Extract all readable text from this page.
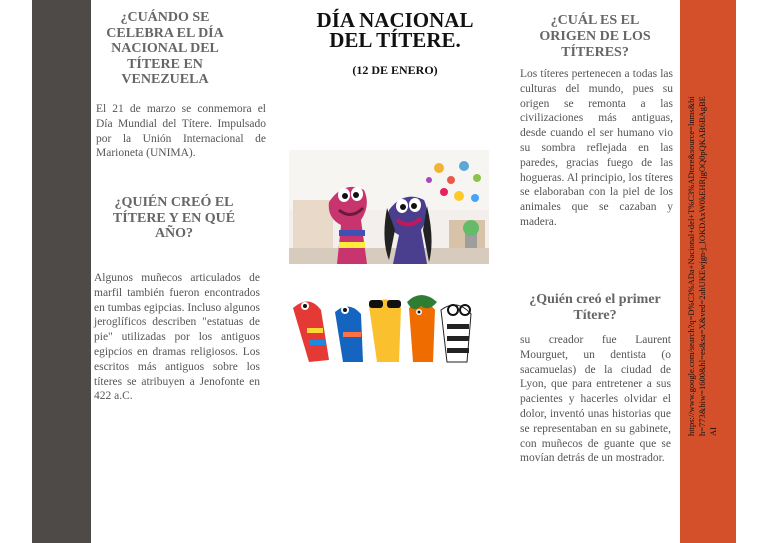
https://www.google.com/search?q=D%C3%ADa+Nacional+del+T%C3%ADtere&source=lnms&bih=773&biw=1600&hl=es&sa=X&ved=2ahUKEwjgn-j_lOKDAxW0kEHRjgOQ0pQKAB6BAgBEAI
¿CUÁNDO SE CELEBRA EL DÍA NACIONAL DEL TÍTERE EN VENEZUELA
El 21 de marzo se conmemora el Día Mundial del Títere. Impulsado por la Unión Internacional de Marioneta (UNIMA).
¿QUIÉN CREÓ EL TÍTERE Y EN QUÉ AÑO?
Algunos muñecos articulados de marfil también fueron encontrados en tumbas egipcias. Incluso algunos jeroglíficos describen "estatuas de pie" utilizadas por los antiguos egipcios en dramas religiosos. Los escritos más antiguos sobre los títeres se atribuyen a Jenofonte en 422 a.C.
DÍA NACIONAL DEL TÍTERE.
(12 DE ENERO)
¿CUÁL ES EL ORIGEN DE LOS TÍTERES?
Los títeres pertenecen a todas las culturas del mundo, pues su origen se remonta a las civilizaciones más antiguas, desde cuando el ser humano vio su sombra reflejada en las paredes, gracias fuego de las hogueras. Al principio, los títeres se elaboraban con la piel de los animales que se cazaban y madera.
¿Quién creó el primer Títere?
su creador fue Laurent Mourguet, un dentista (o sacamuelas) de la ciudad de Lyon, que para entretener a sus pacientes y hacerles olvidar el dolor, inventó unas historias que se representaban en su gabinete, con muñecos de guante que se movían detrás de un mostrador.
